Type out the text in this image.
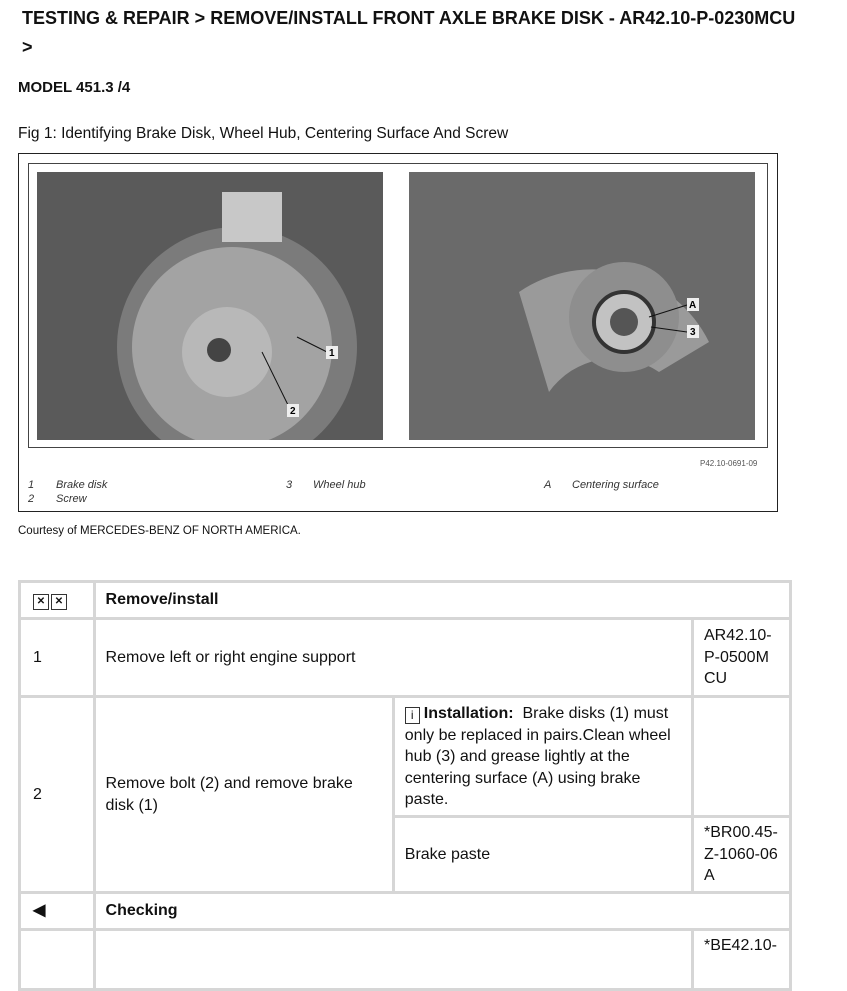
TESTING & REPAIR > REMOVE/INSTALL FRONT AXLE BRAKE DISK - AR42.10-P-0230MCU >
MODEL 451.3 /4
Fig 1: Identifying Brake Disk, Wheel Hub, Centering Surface And Screw
1
2
A
3
P42.10-0691-09
1 Brake disk
2 Screw
3 Wheel hub	A Centering surface
Courtesy of MERCEDES-BENZ OF NORTH AMERICA.
✕ ✕	Remove/install		
1	Remove left or right engine support		AR42.10-P-0500MCU
2	Remove bolt (2) and remove brake disk (1)	i Installation: Brake disks (1) must only be replaced in pairs.Clean wheel hub (3) and grease lightly at the centering surface (A) using brake paste.	
		Brake paste	*BR00.45-Z-1060-06A
◀︎	Checking		
			*BE42.10-
